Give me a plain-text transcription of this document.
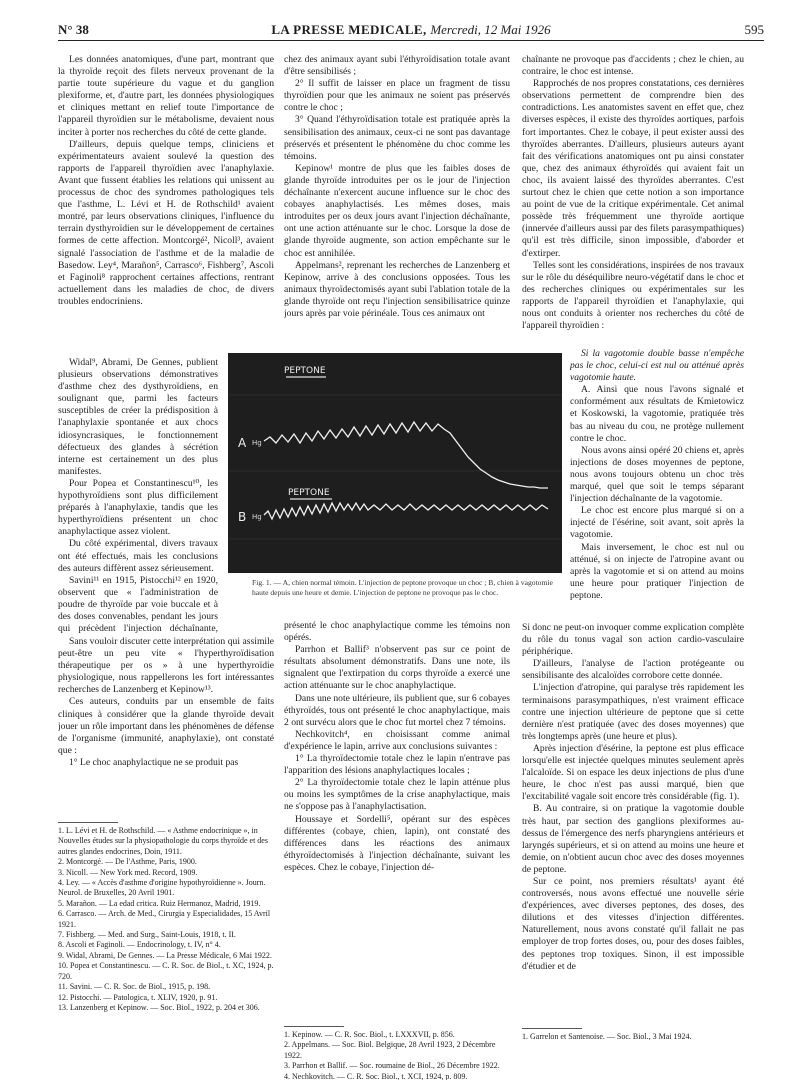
N° 38	LA PRESSE MEDICALE, Mercredi, 12 Mai 1926	595

Les données anatomiques, d'une part, montrant que la thyroïde reçoit des filets nerveux provenant de la partie toute supérieure du vague et du ganglion plexiforme, et, d'autre part, les données physiologiques et cliniques mettant en relief toute l'importance de l'appareil thyroïdien sur le métabolisme, devaient nous inciter à porter nos recherches du côté de cette glande.

D'ailleurs, depuis quelque temps, cliniciens et expérimentateurs avaient soulevé la question des rapports de l'appareil thyroïdien avec l'anaphylaxie. Avant que fussent établies les relations qui unissent au processus de choc des syndromes pathologiques tels que l'asthme, L. Lévi et H. de Rothschild¹ avaient montré, par leurs observations cliniques, l'influence du terrain dysthyroïdien sur le développement de certaines formes de cette affection. Montcorgé², Nicoll³, avaient signalé l'association de l'asthme et de la maladie de Basedow. Ley⁴, Marañon⁵, Carrasco⁶, Fishberg⁷, Ascoli et Faginoli⁸ rapprochent certaines affections, rentrant actuellement dans les maladies de choc, de divers troubles endocriniens.

Widal⁹, Abrami, De Gennes, publient plusieurs observations démonstratives d'asthme chez des dysthyroïdiens, en soulignant que, parmi les facteurs susceptibles de créer la prédisposition à l'anaphylaxie spontanée et aux chocs idiosyncrasiques, le fonctionnement défectueux des glandes à sécrétion interne est certainement un des plus manifestes.

Pour Popea et Constantinescu¹⁰, les hypothyroïdiens sont plus difficilement préparés à l'anaphylaxie, tandis que les hyperthyroïdiens présentent un choc anaphylactique assez violent.

Du côté expérimental, divers travaux ont été effectués, mais les conclusions des auteurs diffèrent assez sérieusement.

Savini¹¹ en 1915, Pistocchi¹² en 1920, observent que « l'administration de poudre de thyroïde par voie buccale et à des doses convenables, pendant les jours qui précèdent l'injection déchaînante,

Sans vouloir discuter cette interprétation qui assimile peut-être un peu vite « l'hyperthyroïdisation thérapeutique per os » à une hyperthyroïdie physiologique, nous rappellerons les fort intéressantes recherches de Lanzenberg et Kepinow¹³.

Ces auteurs, conduits par un ensemble de faits cliniques à considérer que la glande thyroïde devait jouer un rôle important dans les phénomènes de défense de l'organisme (immunité, anaphylaxie), ont constaté que :

1° Le choc anaphylactique ne se produit pas

chez des animaux ayant subi l'éthyroïdisation totale avant d'être sensibilisés ;

2° Il suffit de laisser en place un fragment de tissu thyroïdien pour que les animaux ne soient pas préservés contre le choc ;

3° Quand l'éthyroïdisation totale est pratiquée après la sensibilisation des animaux, ceux-ci ne sont pas davantage préservés et présentent le phénomène du choc comme les témoins.

Kepinow¹ montre de plus que les faibles doses de glande thyroïde introduites per os le jour de l'injection déchaînante n'exercent aucune influence sur le choc des cobayes anaphylactisés. Les mêmes doses, mais introduites per os deux jours avant l'injection déchaînante, ont une action atténuante sur le choc. Lorsque la dose de glande thyroïde augmente, son action empêchante sur le choc est annihilée.

Appelmans², reprenant les recherches de Lanzenberg et Kepinow, arrive à des conclusions opposées. Tous les animaux thyroïdectomisés ayant subi l'ablation totale de la glande thyroïde ont reçu l'injection sensibilisatrice quinze jours après par voie périnéale. Tous ces animaux ont

chaînante ne provoque pas d'accidents ; chez le chien, au contraire, le choc est intense.

Rapprochés de nos propres constatations, ces dernières observations permettent de comprendre bien des contradictions. Les anatomistes savent en effet que, chez diverses espèces, il existe des thyroïdes aortiques, parfois fort importantes. Chez le cobaye, il peut exister aussi des thyroïdes aberrantes. D'ailleurs, plusieurs auteurs ayant fait des vérifications anatomiques ont pu ainsi constater que, chez des animaux éthyroïdés qui avaient fait un choc, ils avaient laissé des thyroïdes aberrantes. C'est surtout chez le chien que cette notion a son importance au point de vue de la critique expérimentale. Cet animal possède très fréquemment une thyroïde aortique (innervée d'ailleurs aussi par des filets parasympathiques) qu'il est très difficile, sinon impossible, d'aborder et d'extirper.

Telles sont les considérations, inspirées de nos travaux sur le rôle du déséquilibre neuro-végétatif dans le choc et des recherches cliniques ou expérimentales sur les rapports de l'appareil thyroïdien et l'anaphylaxie, qui nous ont conduits à orienter nos recherches du côté de l'appareil thyroïdien :

Si la vagotomie double basse n'empêche pas le choc, celui-ci est nul ou atténué après vagotomie haute.

A. Ainsi que nous l'avons signalé et conformément aux résultats de Kmietowicz et Koskowski, la vagotomie, pratiquée très bas au niveau du cou, ne protège nullement contre le choc.

Nous avons ainsi opéré 20 chiens et, après injections de doses moyennes de peptone, nous avons toujours obtenu un choc très marqué, quel que soit le temps séparant l'injection déchaînante de la vagotomie.

Le choc est encore plus marqué si on a injecté de l'ésérine, soit avant, soit après la vagotomie.

Mais inversement, le choc est nul ou atténué, si on injecte de l'atropine avant ou après la vagotomie et si on attend au moins une heure pour pratiquer l'injection de peptone.

A Hg
PEPTONE
B Hg
PEPTONE
Fig. 1. — A, chien normal témoin. L'injection de peptone provoque un choc ; B, chien à vagotomie haute depuis une heure et demie. L'injection de peptone ne provoque pas le choc.

présenté le choc anaphylactique comme les témoins non opérés.

Parrhon et Ballif³ n'observent pas sur ce point de résultats absolument démonstratifs. Dans une note, ils signalent que l'extirpation du corps thyroïde a exercé une action atténuante sur le choc anaphylactique.

Dans une note ultérieure, ils publient que, sur 6 cobayes éthyroïdés, tous ont présenté le choc anaphylactique, mais 2 ont survécu alors que le choc fut mortel chez 7 témoins.

Nechkovitch⁴, en choisissant comme animal d'expérience le lapin, arrive aux conclusions suivantes :

1° La thyroïdectomie totale chez le lapin n'entrave pas l'apparition des lésions anaphylactiques locales ;

2° La thyroïdectomie totale chez le lapin atténue plus ou moins les symptômes de la crise anaphylactique, mais ne s'oppose pas à l'anaphylactisation.

Houssaye et Sordelli⁵, opérant sur des espèces différentes (cobaye, chien, lapin), ont constaté des différences dans les réactions des animaux éthyroïdectomisés à l'injection déchaînante, suivant les espèces. Chez le cobaye, l'injection dé-

Si donc ne peut-on invoquer comme explication complète du rôle du tonus vagal son action cardio-vasculaire périphérique.

D'ailleurs, l'analyse de l'action protégeante ou sensibilisante des alcaloïdes corrobore cette donnée.

L'injection d'atropine, qui paralyse très rapidement les terminaisons parasympathiques, n'est vraiment efficace contre une injection ultérieure de peptone que si cette dernière n'est pratiquée (avec des doses moyennes) que très longtemps après (une heure et plus).

Après injection d'ésérine, la peptone est plus efficace lorsqu'elle est injectée quelques minutes seulement après l'alcaloïde. Si on espace les deux injections de plus d'une heure, le choc n'est pas aussi marqué, bien que l'excitabilité vagale soit encore très considérable (fig. 1).

B. Au contraire, si on pratique la vagotomie double très haut, par section des ganglions plexiformes au-dessus de l'émergence des nerfs pharyngiens antérieurs et laryngés supérieurs, et si on attend au moins une heure et demie, on n'obtient aucun choc avec des doses moyennes de peptone.

Sur ce point, nos premiers résultats¹ ayant été controversés, nous avons effectué une nouvelle série d'expériences, avec diverses peptones, des doses, des dilutions et des vitesses d'injection différentes. Naturellement, nous avons constaté qu'il fallait ne pas employer de trop fortes doses, ou, pour des doses faibles, des peptones trop toxiques. Sinon, il est impossible d'étudier et de

1. L. Lévi et H. de Rothschild. — « Asthme endocrinique », in Nouvelles études sur la physiopathologie du corps thyroïde et des autres glandes endocrines, Doin, 1911.
2. Montcorgé. — De l'Asthme, Paris, 1900.
3. Nicoll. — New York med. Record, 1909.
4. Ley. — « Accès d'asthme d'origine hypothyroïdienne ». Journ. Neurol. de Bruxelles, 20 Avril 1901.
5. Marañon. — La edad critica. Ruiz Hermanoz, Madrid, 1919.
6. Carrasco. — Arch. de Med., Cirurgia y Especialidades, 15 Avril 1921.
7. Fishberg. — Med. and Surg., Saint-Louis, 1918, t. II.
8. Ascoli et Faginoli. — Endocrinology, t. IV, n° 4.
9. Widal, Abrami, De Gennes. — La Presse Médicale, 6 Mai 1922.
10. Popea et Constantinescu. — C. R. Soc. de Biol., t. XC, 1924, p. 720.
11. Savini. — C. R. Soc. de Biol., 1915, p. 198.
12. Pistocchi. — Patologica, t. XLIV, 1920, p. 91.
13. Lanzenberg et Kepinow. — Soc. Biol., 1922, p. 204 et 306.
1. Kepinow. — C. R. Soc. Biol., t. LXXXVII, p. 856.
2. Appelmans. — Soc. Biol. Belgique, 28 Avril 1923, 2 Décembre 1922.
3. Parrhon et Ballif. — Soc. roumaine de Biol., 26 Décembre 1922.
4. Nechkovitch. — C. R. Soc. Biol., t. XCI, 1924, p. 809.
1. Garrelon et Santenoise. — Soc. Biol., 3 Mai 1924.
